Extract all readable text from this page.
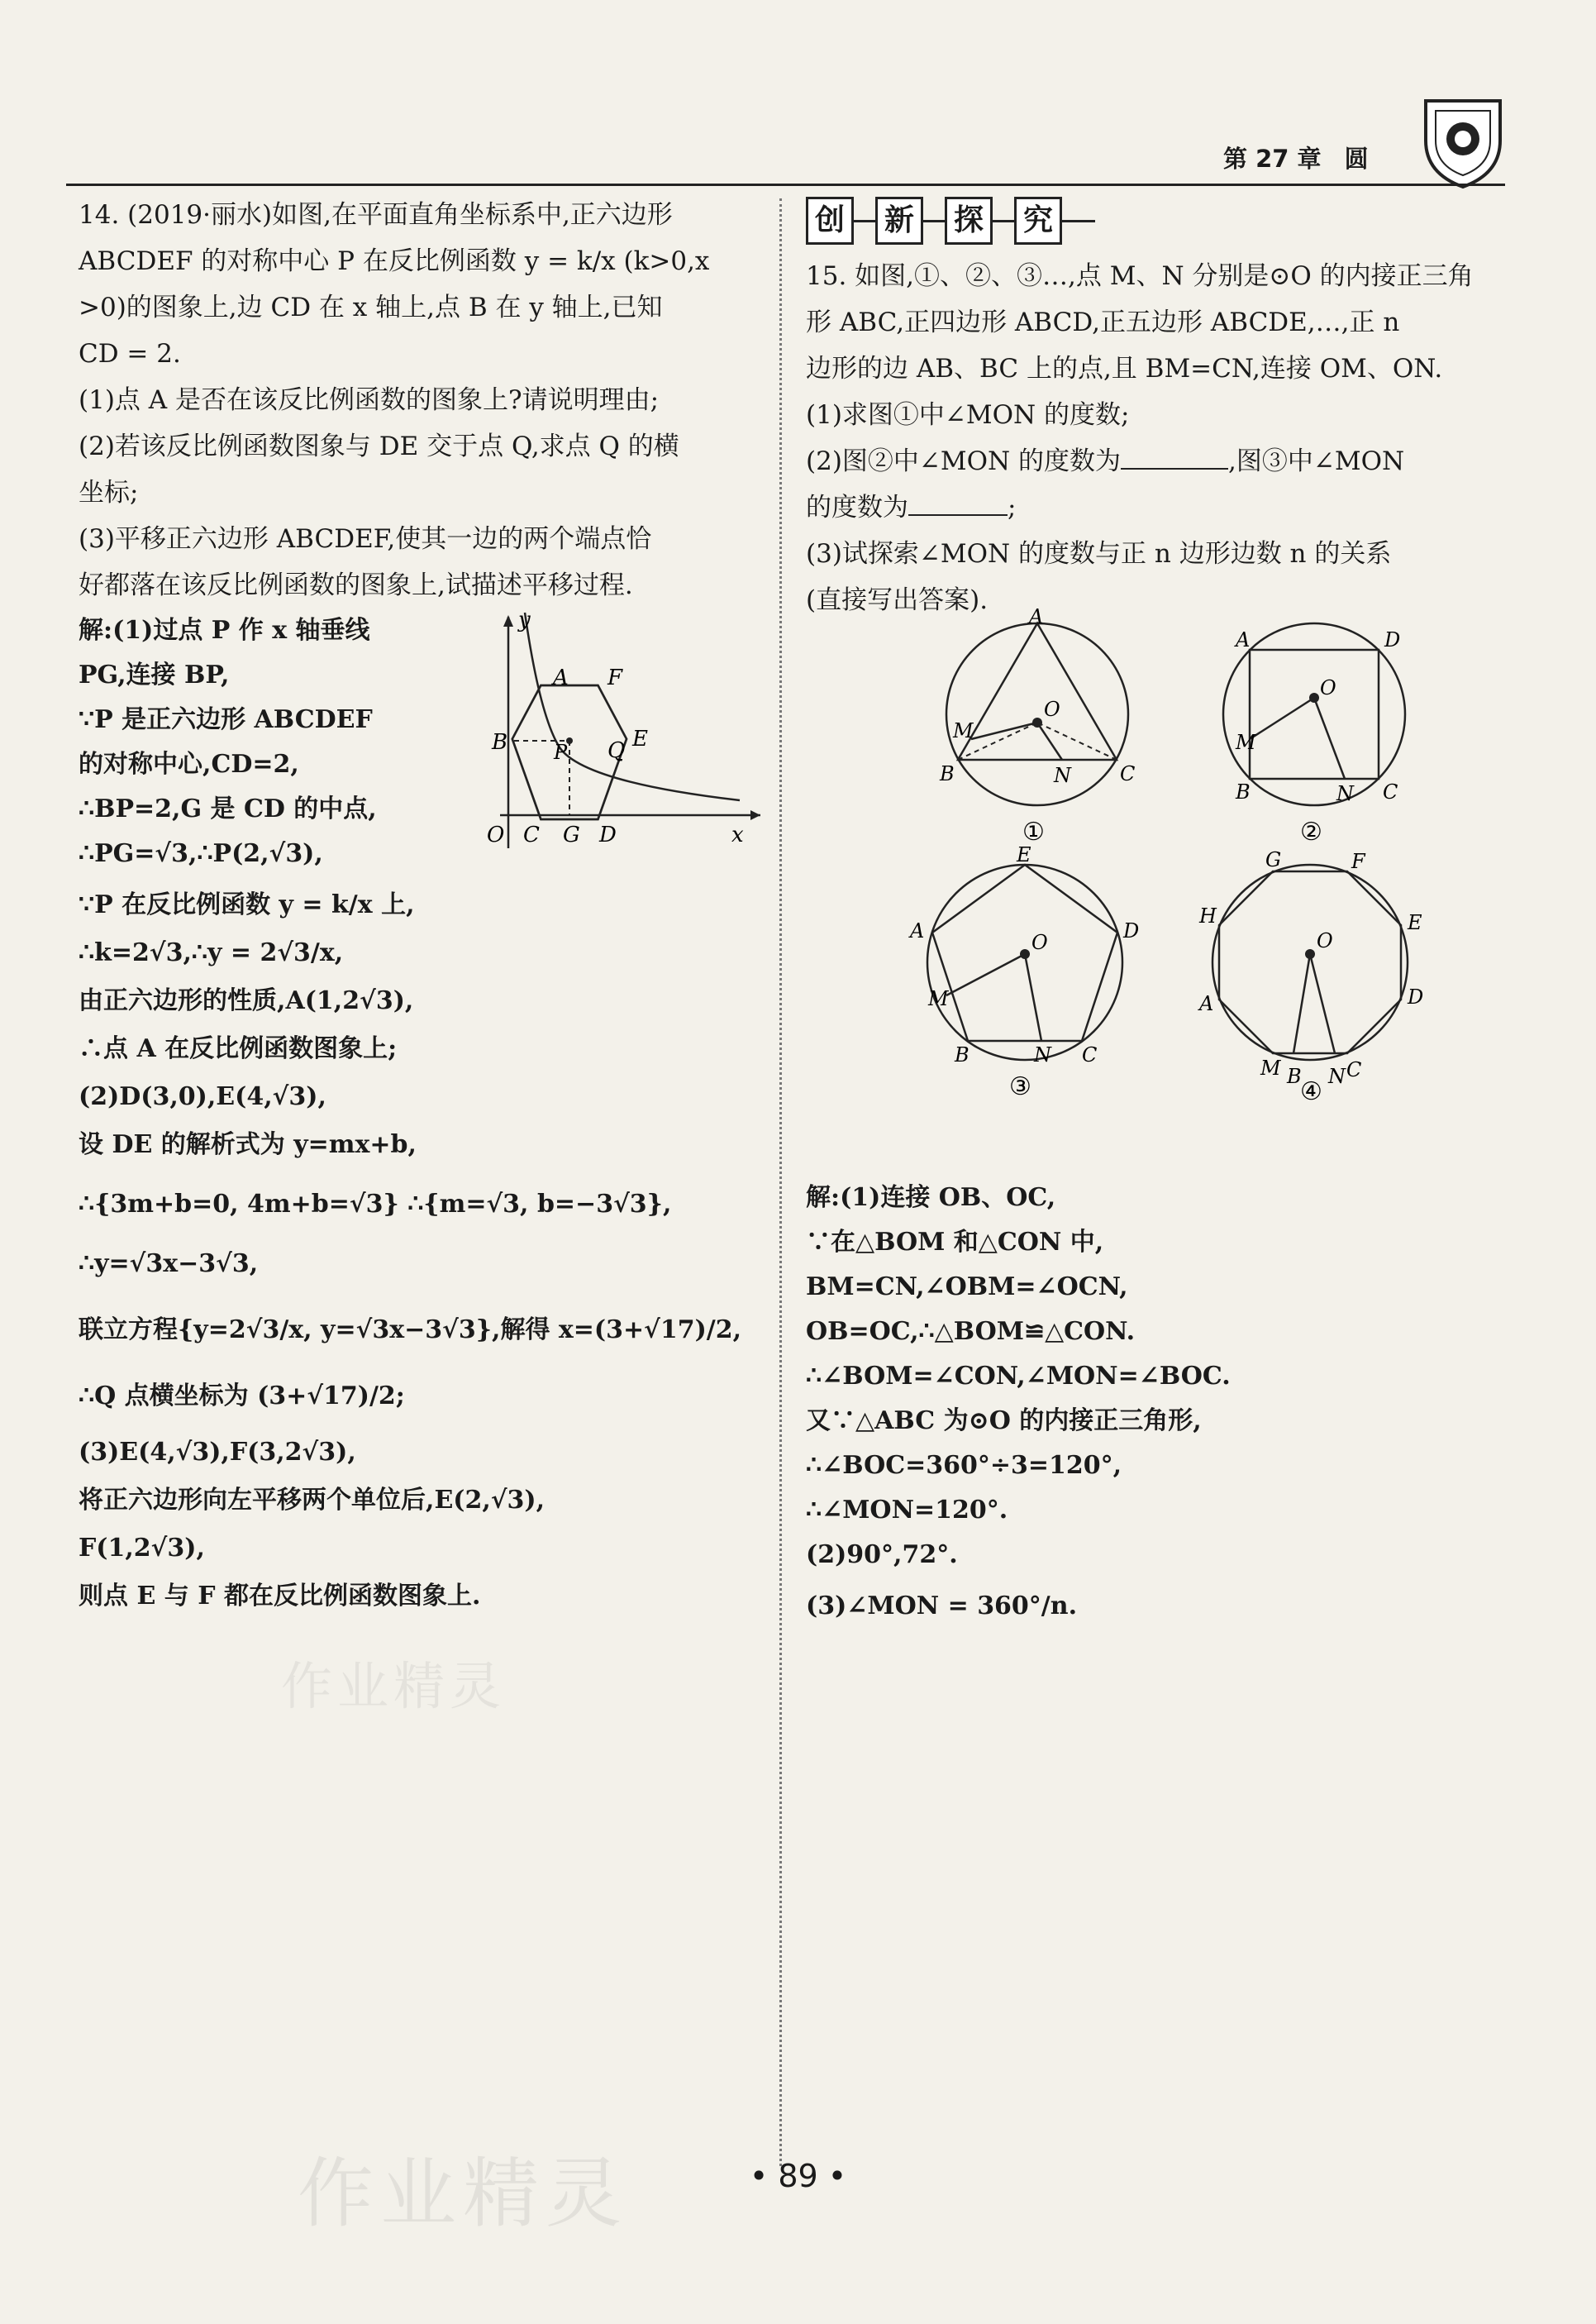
第 27 章 圆

14. (2019·丽水)如图,在平面直角坐标系中,正六边形

ABCDEF 的对称中心 P 在反比例函数 y = k/x (k>0,x

>0)的图象上,边 CD 在 x 轴上,点 B 在 y 轴上,已知

CD = 2.

(1)点 A 是否在该反比例函数的图象上?请说明理由;

(2)若该反比例函数图象与 DE 交于点 Q,求点 Q 的横

坐标;

(3)平移正六边形 ABCDEF,使其一边的两个端点恰

好都落在该反比例函数的图象上,试描述平移过程.

解:(1)过点 P 作 x 轴垂线

PG,连接 BP,

∵P 是正六边形 ABCDEF

的对称中心,CD=2,

∴BP=2,G 是 CD 的中点,

∴PG=√3,∴P(2,√3),

y
A F
B P Q E
O C G D	x

∵P 在反比例函数 y = k/x 上,

∴k=2√3,∴y = 2√3/x,

由正六边形的性质,A(1,2√3),

∴点 A 在反比例函数图象上;

(2)D(3,0),E(4,√3),

设 DE 的解析式为 y=mx+b,

∴{3m+b=0, 4m+b=√3} ∴{m=√3, b=−3√3},

∴y=√3x−3√3,

联立方程{y=2√3/x, y=√3x−3√3},解得 x=(3+√17)/2,

∴Q 点横坐标为 (3+√17)/2;

(3)E(4,√3),F(3,2√3),

将正六边形向左平移两个单位后,E(2,√3),

F(1,2√3),

则点 E 与 F 都在反比例函数图象上.

创	新	探	究

15. 如图,①、②、③…,点 M、N 分别是⊙O 的内接正三角

形 ABC,正四边形 ABCD,正五边形 ABCDE,…,正 n

边形的边 AB、BC 上的点,且 BM=CN,连接 OM、ON.

(1)求图①中∠MON 的度数;

(2)图②中∠MON 的度数为	,图③中∠MON

的度数为	;

(3)试探索∠MON 的度数与正 n 边形边数 n 的关系

(直接写出答案).

A
M
O
B	N C
①
A	D
M
O
B	N C
②
E
A	D
M
O
B	N C
③
G	F
H	E
D
A
O
M B N C
④

解:(1)连接 OB、OC,

∵在△BOM 和△CON 中,

BM=CN,∠OBM=∠OCN,

OB=OC,∴△BOM≌△CON.

∴∠BOM=∠CON,∠MON=∠BOC.

又∵△ABC 为⊙O 的内接正三角形,

∴∠BOC=360°÷3=120°,

∴∠MON=120°.

(2)90°,72°.

(3)∠MON = 360°/n.

作业精灵
作业精灵	• 89 •
